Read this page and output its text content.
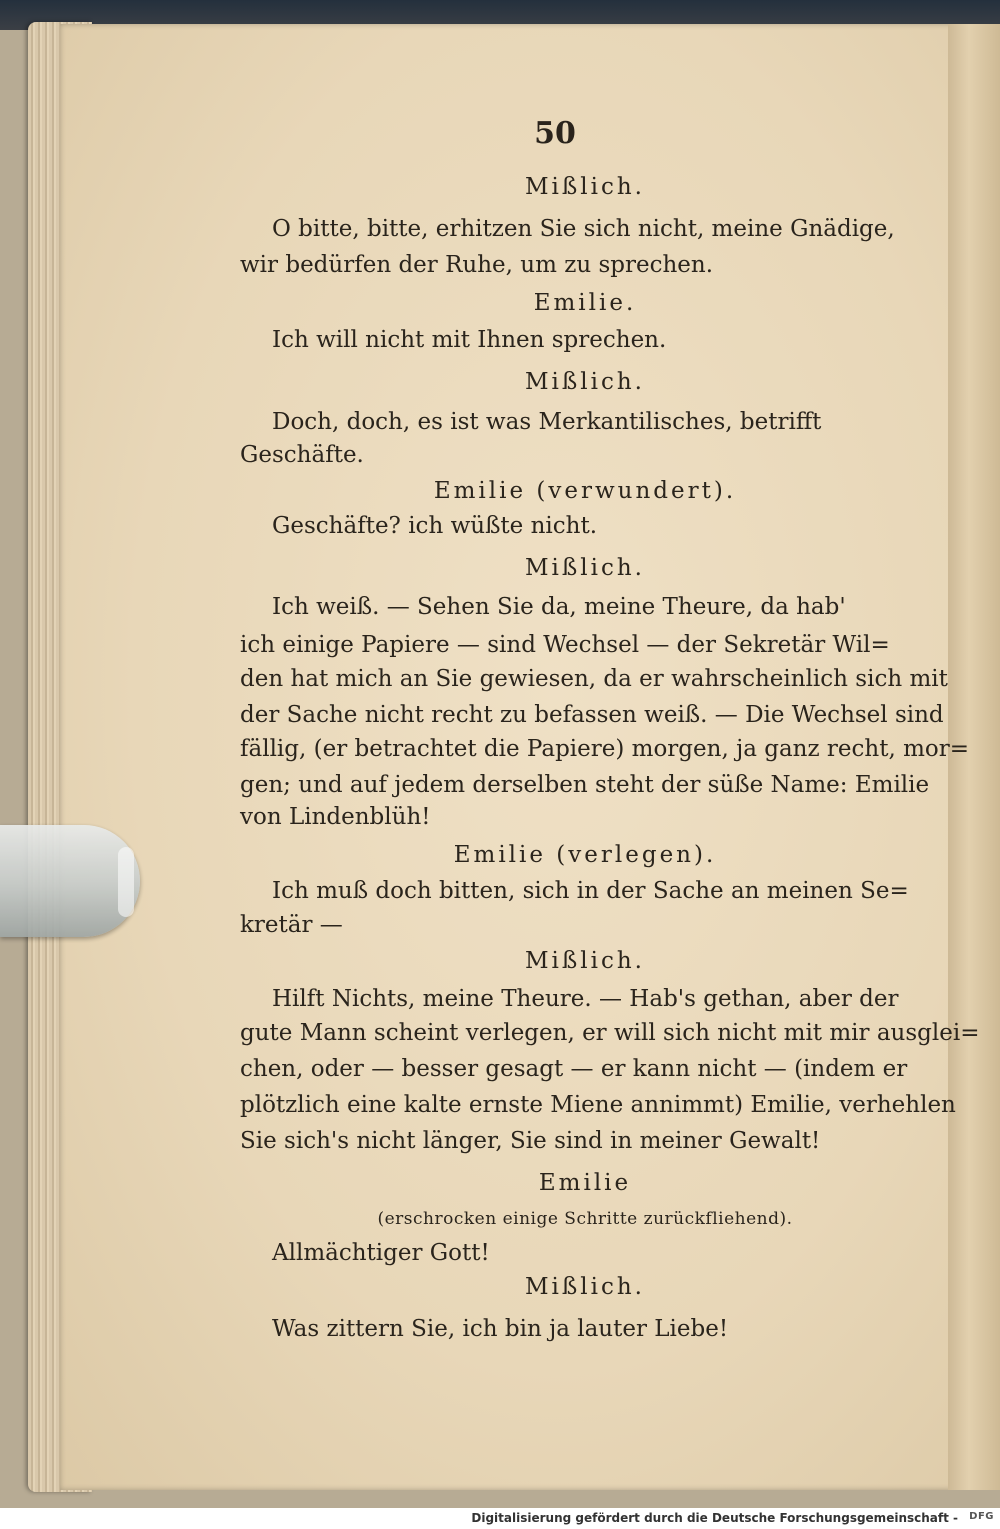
50
Mißlich.
O bitte, bitte, erhitzen Sie sich nicht, meine Gnädige,
wir bedürfen der Ruhe, um zu sprechen.
Emilie.
Ich will nicht mit Ihnen sprechen.
Mißlich.
Doch, doch, es ist was Merkantilisches, betrifft
Geschäfte.
Emilie (verwundert).
Geschäfte? ich wüßte nicht.
Mißlich.
Ich weiß. — Sehen Sie da, meine Theure, da hab'
ich einige Papiere — sind Wechsel — der Sekretär Wil=
den hat mich an Sie gewiesen, da er wahrscheinlich sich mit
der Sache nicht recht zu befassen weiß. — Die Wechsel sind
fällig, (er betrachtet die Papiere) morgen, ja ganz recht, mor=
gen; und auf jedem derselben steht der süße Name: Emilie
von Lindenblüh!
Emilie (verlegen).
Ich muß doch bitten, sich in der Sache an meinen Se=
kretär —
Mißlich.
Hilft Nichts, meine Theure. — Hab's gethan, aber der
gute Mann scheint verlegen, er will sich nicht mit mir ausglei=
chen, oder — besser gesagt — er kann nicht — (indem er
plötzlich eine kalte ernste Miene annimmt) Emilie, verhehlen
Sie sich's nicht länger, Sie sind in meiner Gewalt!
Emilie
(erschrocken einige Schritte zurückfliehend).
Allmächtiger Gott!
Mißlich.
Was zittern Sie, ich bin ja lauter Liebe!
Digitalisierung gefördert durch die Deutsche Forschungsgemeinschaft - DFG
